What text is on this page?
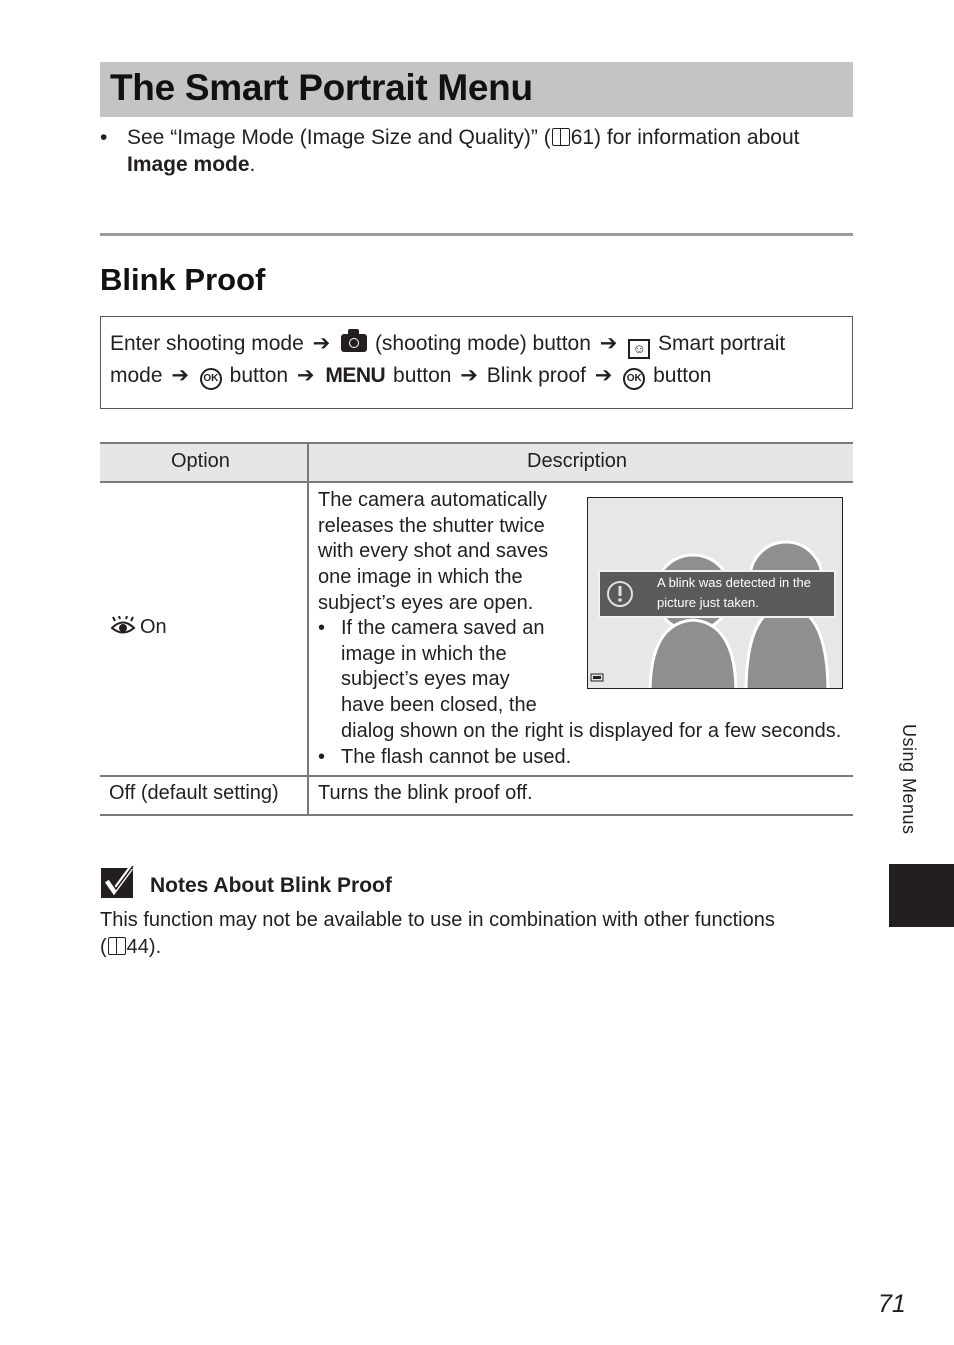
The Smart Portrait Menu
• See “Image Mode (Image Size and Quality)” ( 61) for information about
Image mode.
Blink Proof
Enter shooting mode ➔ (shooting mode) button ➔ ☺ Smart portrait
mode ➔ OK button ➔ MENU button ➔ Blink proof ➔ OK button
Option	Description
On
The camera automatically
releases the shutter twice
with every shot and saves
one image in which the
subject’s eyes are open.
• If the camera saved an
image in which the
subject’s eyes may
have been closed, the
dialog shown on the right is displayed for a few seconds.
• The flash cannot be used.
A blink was detected in the
picture just taken.
Off (default setting) Turns the blink proof off.
Notes About Blink Proof
This function may not be available to use in combination with other functions
( 44).
Using Menus
71
